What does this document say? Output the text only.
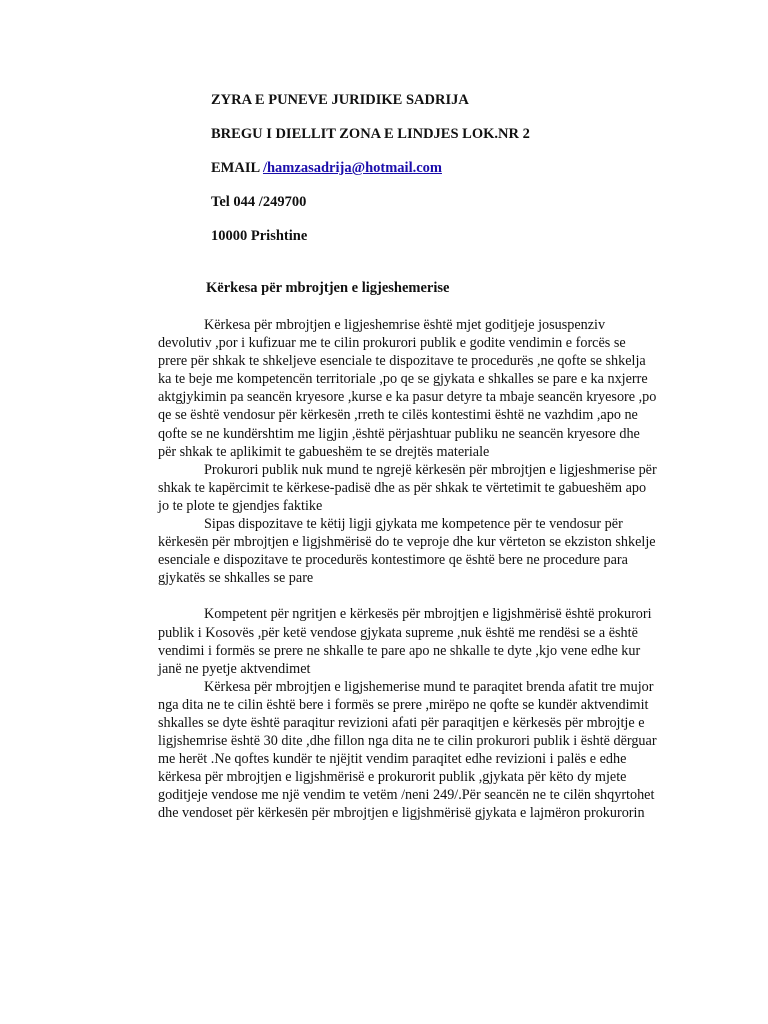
ZYRA E PUNEVE JURIDIKE SADRIJA
BREGU I DIELLIT ZONA E LINDJES LOK.NR 2
EMAIL /hamzasadrija@hotmail.com
Tel 044 /249700
10000 Prishtine
Kërkesa për mbrojtjen e ligjeshemerise

Kërkesa për mbrojtjen e ligjeshemrise është mjet goditjeje josuspenziv devolutiv ,por i kufizuar me te cilin prokurori publik e godite vendimin e forcës se prere për shkak te shkeljeve esenciale te dispozitave te procedurës ,ne qofte se shkelja ka te beje me kompetencën territoriale ,po qe se gjykata e shkalles se pare e ka nxjerre aktgjykimin pa seancën kryesore ,kurse e ka pasur detyre ta mbaje seancën kryesore ,po qe se është vendosur për kërkesën ,rreth te cilës kontestimi është ne vazhdim ,apo ne qofte se ne kundërshtim me ligjin ,është përjashtuar publiku ne seancën kryesore dhe për shkak te aplikimit te gabueshëm te se drejtës materiale

Prokurori publik nuk mund te ngrejë kërkesën për mbrojtjen e ligjeshmerise për shkak te kapërcimit te kërkese-padisë dhe as për shkak te vërtetimit te gabueshëm apo jo te plote te gjendjes faktike

Sipas dispozitave te këtij ligji gjykata me kompetence për te vendosur për kërkesën për mbrojtjen e ligjshmërisë do te veproje dhe kur vërteton se ekziston shkelje esenciale e dispozitave te procedurës kontestimore qe është bere ne procedure para gjykatës se shkalles se pare

Kompetent për ngritjen e kërkesës për mbrojtjen e ligjshmërisë është prokurori publik i Kosovës ,për ketë vendose gjykata supreme ,nuk është me rendësi se a është vendimi i formës se prere ne shkalle te pare apo ne shkalle te dyte ,kjo vene edhe kur janë ne pyetje aktvendimet

Kërkesa për mbrojtjen e ligjshemerise mund te paraqitet brenda afatit tre mujor nga dita ne te cilin është bere i formës se prere ,mirëpo ne qofte se kundër aktvendimit shkalles se dyte është paraqitur revizioni afati për paraqitjen e kërkesës për mbrojtje e ligjshemrise është 30 dite ,dhe fillon nga dita ne te cilin prokurori publik i është dërguar me herët .Ne qoftes kundër te njëjtit vendim paraqitet edhe revizioni i palës e edhe kërkesa për mbrojtjen e ligjshmërisë e prokurorit publik ,gjykata për këto dy mjete goditjeje vendose me një vendim te vetëm /neni 249/.Për seancën ne te cilën shqyrtohet dhe vendoset për kërkesën për mbrojtjen e ligjshmërisë gjykata e lajmëron prokurorin
